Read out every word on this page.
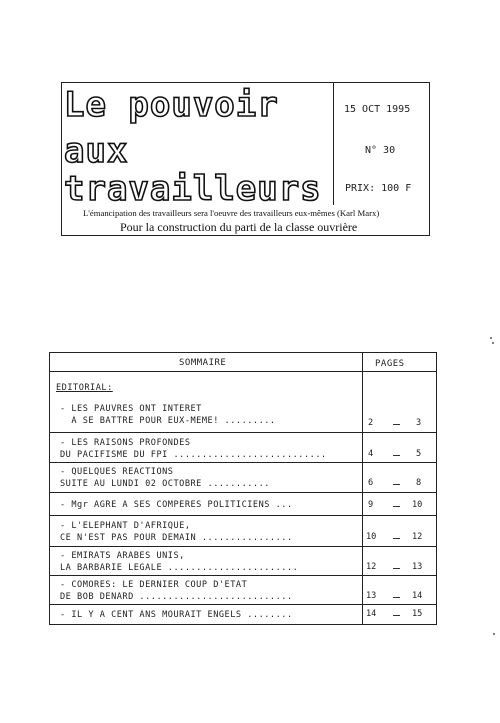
Le pouvoir
aux
travailleurs
15 OCT 1995
N° 30
PRIX: 100 F
L'émancipation des travailleurs sera l'oeuvre des travailleurs eux-mêmes (Karl Marx)
Pour la construction du parti de la classe ouvrière
SOMMAIRE	PAGES
EDITORIAL:
- LES PAUVRES ONT INTERET
A SE BATTRE POUR EUX-MEME! .........	2	3
- LES RAISONS PROFONDES
DU PACIFISME DU FPI ...........................	4	5
- QUELQUES REACTIONS
SUITE AU LUNDI 02 OCTOBRE ...........	6	8
- Mgr AGRE A SES COMPERES POLITICIENS ...	9	10
- L'ELEPHANT D'AFRIQUE,
CE N'EST PAS POUR DEMAIN ................	10	12
- EMIRATS ARABES UNIS,
LA BARBARIE LEGALE .......................	12	13
- COMORES: LE DERNIER COUP D'ETAT
DE BOB DENARD ...........................	13	14
- IL Y A CENT ANS MOURAIT ENGELS ........	14	15
